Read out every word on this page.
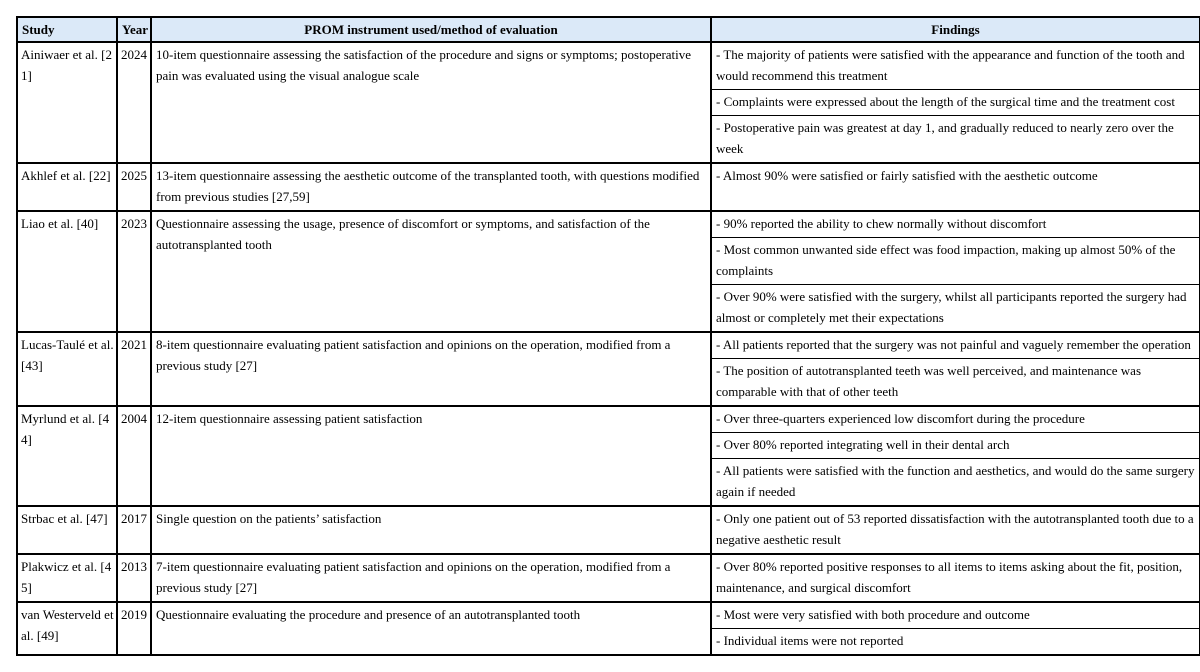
Study	Year	PROM instrument used/method of evaluation	Findings
Ainiwaer et al. [21]	2024	10-item questionnaire assessing the satisfaction of the procedure and signs or symptoms; postoperative pain was evaluated using the visual analogue scale	- The majority of patients were satisfied with the appearance and function of the tooth and would recommend this treatment
			- Complaints were expressed about the length of the surgical time and the treatment cost
			- Postoperative pain was greatest at day 1, and gradually reduced to nearly zero over the week
Akhlef et al. [22]	2025	13-item questionnaire assessing the aesthetic outcome of the transplanted tooth, with questions modified from previous studies [27,59]	- Almost 90% were satisfied or fairly satisfied with the aesthetic outcome
Liao et al. [40]	2023	Questionnaire assessing the usage, presence of discomfort or symptoms, and satisfaction of the autotransplanted tooth	- 90% reported the ability to chew normally without discomfort
			- Most common unwanted side effect was food impaction, making up almost 50% of the complaints
			- Over 90% were satisfied with the surgery, whilst all participants reported the surgery had almost or completely met their expectations
Lucas-Taulé et al. [43]	2021	8-item questionnaire evaluating patient satisfaction and opinions on the operation, modified from a previous study [27]	- All patients reported that the surgery was not painful and vaguely remember the operation
			- The position of autotransplanted teeth was well perceived, and maintenance was comparable with that of other teeth
Myrlund et al. [44]	2004	12-item questionnaire assessing patient satisfaction	- Over three-quarters experienced low discomfort during the procedure
			- Over 80% reported integrating well in their dental arch
			- All patients were satisfied with the function and aesthetics, and would do the same surgery again if needed
Strbac et al. [47]	2017	Single question on the patients’ satisfaction	- Only one patient out of 53 reported dissatisfaction with the autotransplanted tooth due to a negative aesthetic result
Plakwicz et al. [45]	2013	7-item questionnaire evaluating patient satisfaction and opinions on the operation, modified from a previous study [27]	- Over 80% reported positive responses to all items to items asking about the fit, position, maintenance, and surgical discomfort
van Westerveld et al. [49]	2019	Questionnaire evaluating the procedure and presence of an autotransplanted tooth	- Most were very satisfied with both procedure and outcome
			- Individual items were not reported
